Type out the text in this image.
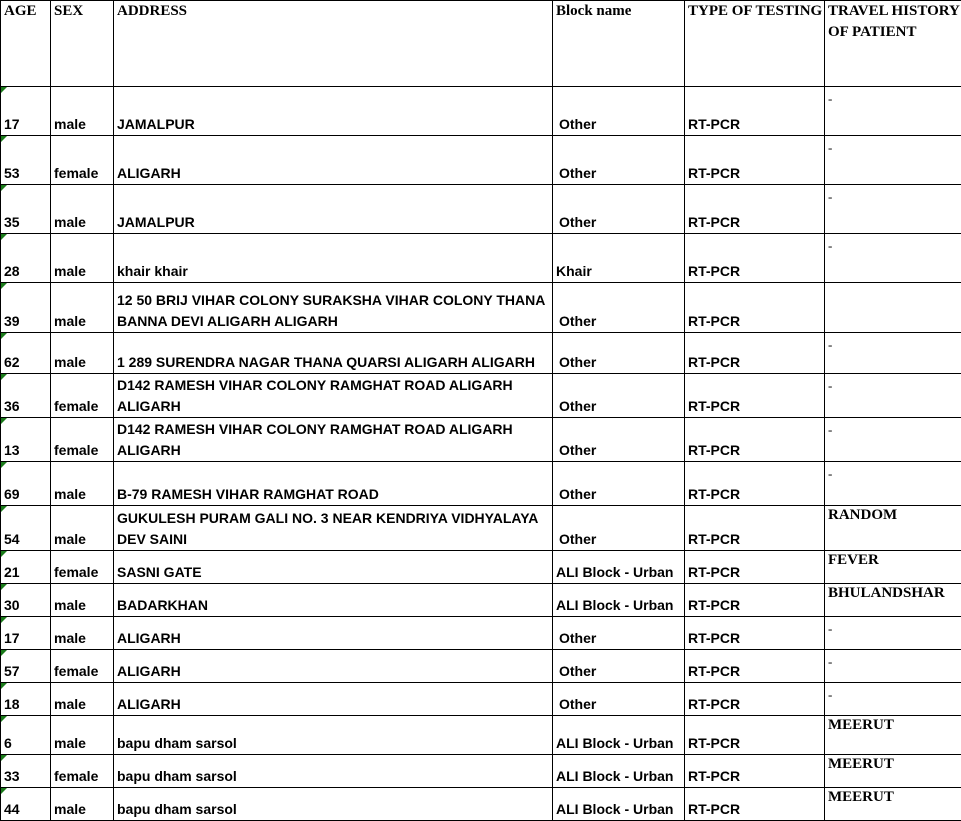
AGE	SEX	ADDRESS	Block name	TYPE OF TESTING	TRAVEL HISTORY OF PATIENT
17	male	JAMALPUR	Other	RT-PCR	-
53	female	ALIGARH	Other	RT-PCR	-
35	male	JAMALPUR	Other	RT-PCR	-
28	male	khair khair	Khair	RT-PCR	-
39	male	12 50 BRIJ VIHAR COLONY SURAKSHA VIHAR COLONY THANA BANNA DEVI ALIGARH ALIGARH	Other	RT-PCR	
62	male	1 289 SURENDRA NAGAR THANA QUARSI ALIGARH ALIGARH	Other	RT-PCR	-
36	female	D142 RAMESH VIHAR COLONY RAMGHAT ROAD ALIGARH ALIGARH	Other	RT-PCR	-
13	female	D142 RAMESH VIHAR COLONY RAMGHAT ROAD ALIGARH ALIGARH	Other	RT-PCR	-
69	male	B-79 RAMESH VIHAR RAMGHAT ROAD	Other	RT-PCR	-
54	male	GUKULESH PURAM GALI NO. 3 NEAR KENDRIYA VIDHYALAYA DEV SAINI	Other	RT-PCR	RANDOM
21	female	SASNI GATE	ALI Block - Urban	RT-PCR	FEVER
30	male	BADARKHAN	ALI Block - Urban	RT-PCR	BHULANDSHAR
17	male	ALIGARH	Other	RT-PCR	-
57	female	ALIGARH	Other	RT-PCR	-
18	male	ALIGARH	Other	RT-PCR	-
6	male	bapu dham sarsol	ALI Block - Urban	RT-PCR	MEERUT
33	female	bapu dham sarsol	ALI Block - Urban	RT-PCR	MEERUT
44	male	bapu dham sarsol	ALI Block - Urban	RT-PCR	MEERUT
